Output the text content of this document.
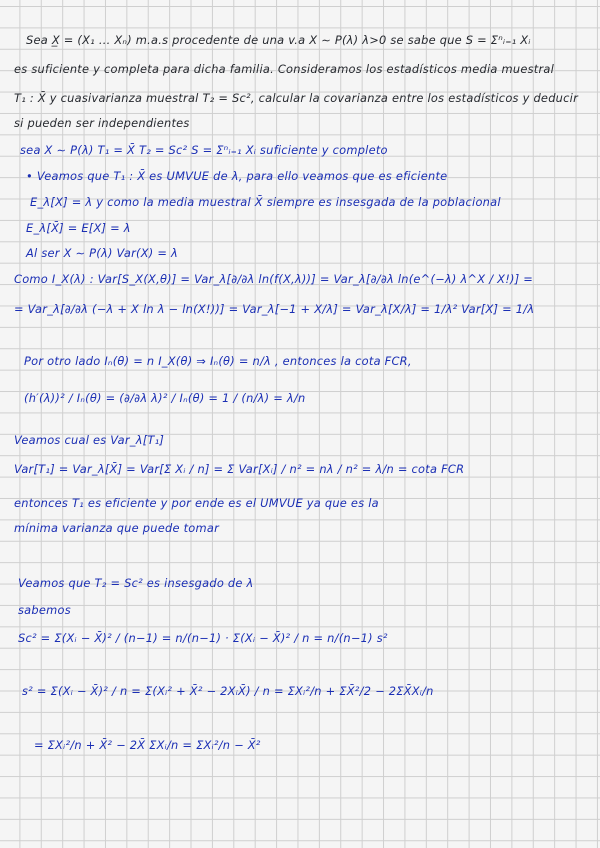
Sea X̲ = (X₁ ... Xₙ) m.a.s procedente de una v.a X ∼ P(λ) λ>0 se sabe que S = Σⁿᵢ₌₁ Xᵢ
es suficiente y completa para dicha familia. Consideramos los estadísticos media muestral
T₁ : X̄ y cuasivarianza muestral T₂ = Sc², calcular la covarianza entre los estadísticos y deducir
si pueden ser independientes
sea X ∼ P(λ) T₁ = X̄ T₂ = Sc² S = Σⁿᵢ₌₁ Xᵢ suficiente y completo
• Veamos que T₁ : X̄ es UMVUE de λ, para ello veamos que es eficiente
E_λ[X] = λ y como la media muestral X̄ siempre es insesgada de la poblacional
E_λ[X̄] = E[X] = λ
Al ser X ∼ P(λ) Var(X) = λ
Como I_X(λ) : Var[S_X(X,θ)] = Var_λ[∂/∂λ ln(f(X,λ))] = Var_λ[∂/∂λ ln(e^(−λ) λ^X / X!)] =
= Var_λ[∂/∂λ (−λ + X ln λ − ln(X!))] = Var_λ[−1 + X/λ] = Var_λ[X/λ] = 1/λ² Var[X] = 1/λ
Por otro lado Iₙ(θ) = n I_X(θ) ⇒ Iₙ(θ) = n/λ , entonces la cota FCR,
(h′(λ))² / Iₙ(θ) = (∂/∂λ λ)² / Iₙ(θ) = 1 / (n/λ) = λ/n
Veamos cual es Var_λ[T₁]
Var[T₁] = Var_λ[X̄] = Var[Σ Xᵢ / n] = Σ Var[Xᵢ] / n² = nλ / n² = λ/n = cota FCR
entonces T₁ es eficiente y por ende es el UMVUE ya que es la
mínima varianza que puede tomar
Veamos que T₂ = Sc² es insesgado de λ
sabemos
Sc² = Σ(Xᵢ − X̄)² / (n−1) = n/(n−1) · Σ(Xᵢ − X̄)² / n = n/(n−1) s²
s² = Σ(Xᵢ − X̄)² / n = Σ(Xᵢ² + X̄² − 2XᵢX̄) / n = ΣXᵢ²/n + ΣX̄²/2 − 2ΣX̄Xᵢ/n
= ΣXᵢ²/n + X̄² − 2X̄ ΣXᵢ/n = ΣXᵢ²/n − X̄²
